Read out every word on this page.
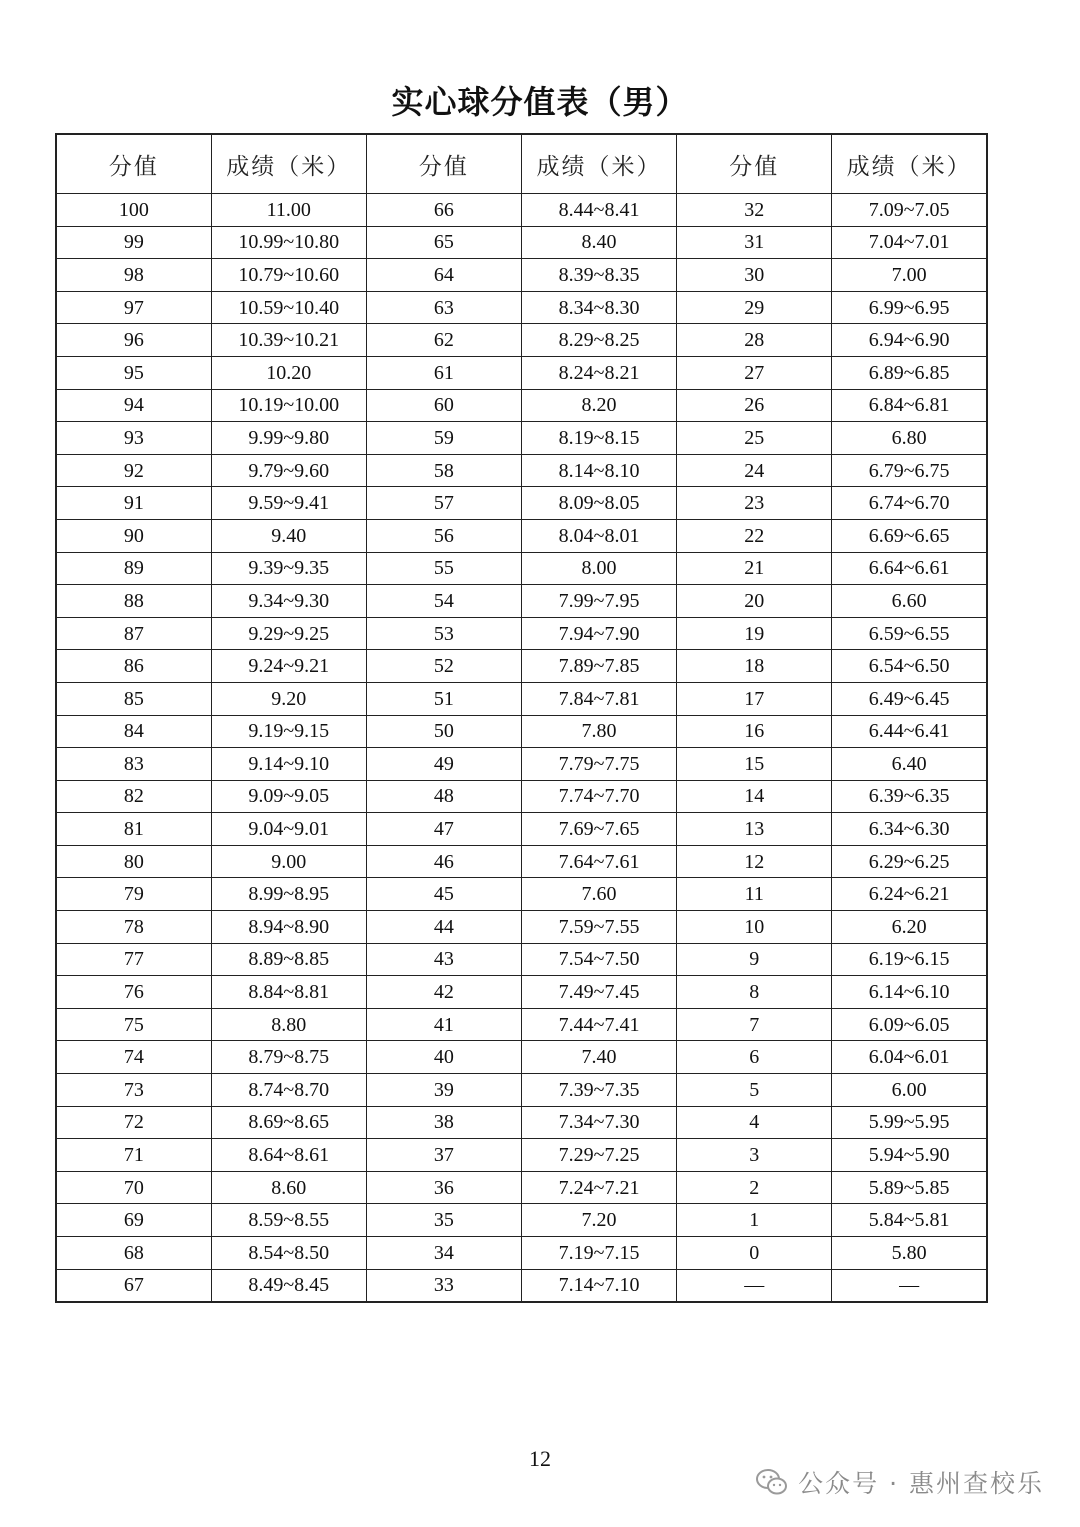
实心球分值表（男）
分值	成绩（米）	分值	成绩（米）	分值	成绩（米）
100	11.00	66	8.44~8.41	32	7.09~7.05
99	10.99~10.80	65	8.40	31	7.04~7.01
98	10.79~10.60	64	8.39~8.35	30	7.00
97	10.59~10.40	63	8.34~8.30	29	6.99~6.95
96	10.39~10.21	62	8.29~8.25	28	6.94~6.90
95	10.20	61	8.24~8.21	27	6.89~6.85
94	10.19~10.00	60	8.20	26	6.84~6.81
93	9.99~9.80	59	8.19~8.15	25	6.80
92	9.79~9.60	58	8.14~8.10	24	6.79~6.75
91	9.59~9.41	57	8.09~8.05	23	6.74~6.70
90	9.40	56	8.04~8.01	22	6.69~6.65
89	9.39~9.35	55	8.00	21	6.64~6.61
88	9.34~9.30	54	7.99~7.95	20	6.60
87	9.29~9.25	53	7.94~7.90	19	6.59~6.55
86	9.24~9.21	52	7.89~7.85	18	6.54~6.50
85	9.20	51	7.84~7.81	17	6.49~6.45
84	9.19~9.15	50	7.80	16	6.44~6.41
83	9.14~9.10	49	7.79~7.75	15	6.40
82	9.09~9.05	48	7.74~7.70	14	6.39~6.35
81	9.04~9.01	47	7.69~7.65	13	6.34~6.30
80	9.00	46	7.64~7.61	12	6.29~6.25
79	8.99~8.95	45	7.60	11	6.24~6.21
78	8.94~8.90	44	7.59~7.55	10	6.20
77	8.89~8.85	43	7.54~7.50	9	6.19~6.15
76	8.84~8.81	42	7.49~7.45	8	6.14~6.10
75	8.80	41	7.44~7.41	7	6.09~6.05
74	8.79~8.75	40	7.40	6	6.04~6.01
73	8.74~8.70	39	7.39~7.35	5	6.00
72	8.69~8.65	38	7.34~7.30	4	5.99~5.95
71	8.64~8.61	37	7.29~7.25	3	5.94~5.90
70	8.60	36	7.24~7.21	2	5.89~5.85
69	8.59~8.55	35	7.20	1	5.84~5.81
68	8.54~8.50	34	7.19~7.15	0	5.80
67	8.49~8.45	33	7.14~7.10	—	—
12
公众号 · 惠州查校乐
